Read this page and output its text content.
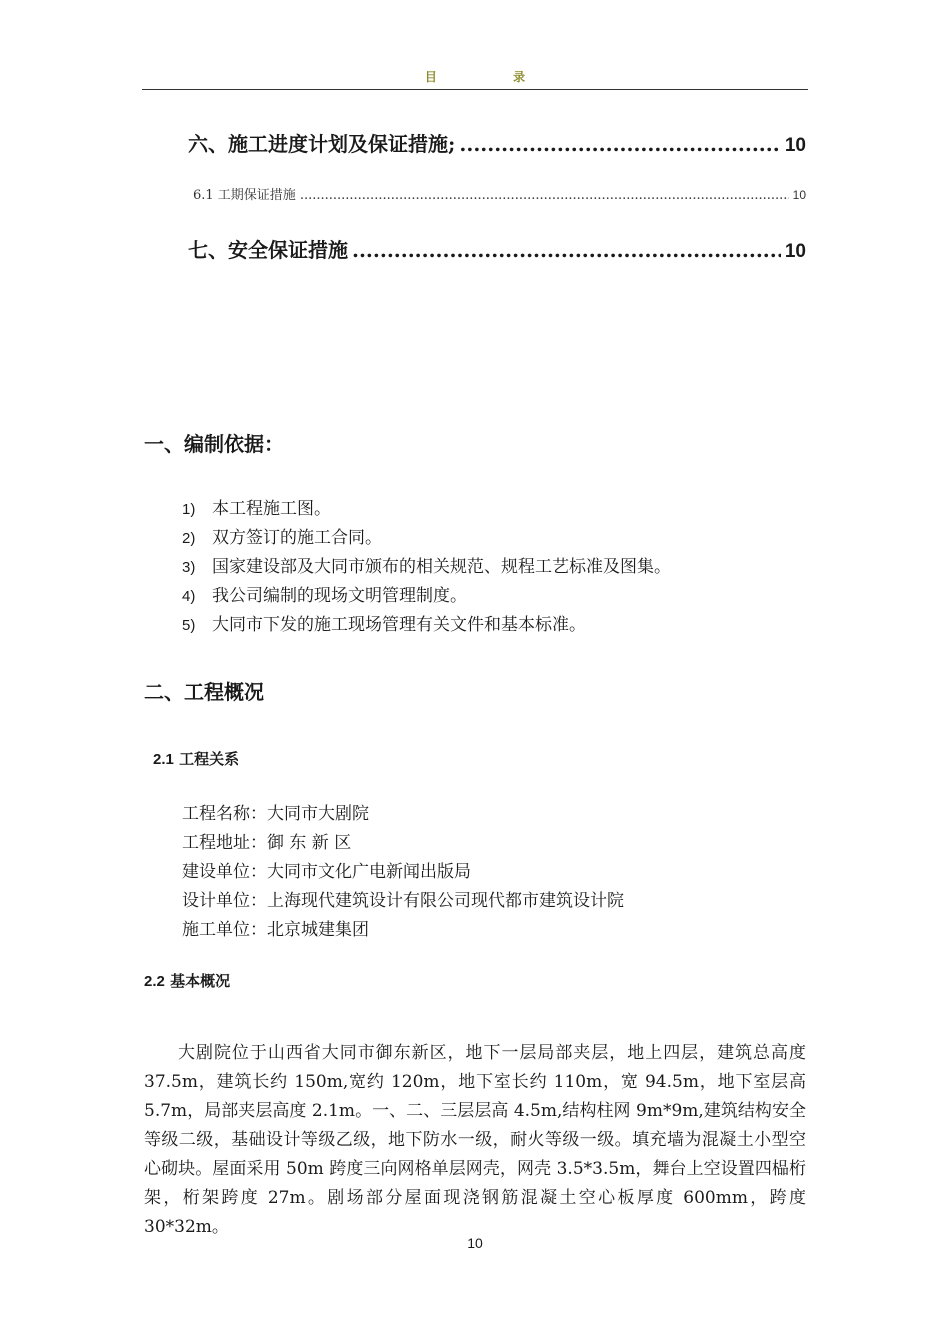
目 录
六、施工进度计划及保证措施; .....	10
6.1 工期保证措施 .....	10
七、安全保证措施 .....	10
一、编制依据：
1) 本工程施工图。
2) 双方签订的施工合同。
3) 国家建设部及大同市颁布的相关规范、规程工艺标准及图集。
4) 我公司编制的现场文明管理制度。
5) 大同市下发的施工现场管理有关文件和基本标准。
二、工程概况
2.1 工程关系
工程名称：大同市大剧院
工程地址：御 东 新 区
建设单位：大同市文化广电新闻出版局
设计单位：上海现代建筑设计有限公司现代都市建筑设计院
施工单位：北京城建集团
2.2 基本概况

大剧院位于山西省大同市御东新区，地下一层局部夹层，地上四层，建筑总高度 37.5m，建筑长约 150m,宽约 120m，地下室长约 110m，宽 94.5m，地下室层高 5.7m，局部夹层高度 2.1m。一、二、三层层高 4.5m,结构柱网 9m*9m,建筑结构安全等级二级，基础设计等级乙级，地下防水一级，耐火等级一级。填充墙为混凝土小型空心砌块。屋面采用 50m 跨度三向网格单层网壳，网壳 3.5*3.5m，舞台上空设置四榀桁架，桁架跨度 27m。剧场部分屋面现浇钢筋混凝土空心板厚度 600mm，跨度 30*32m。

10
